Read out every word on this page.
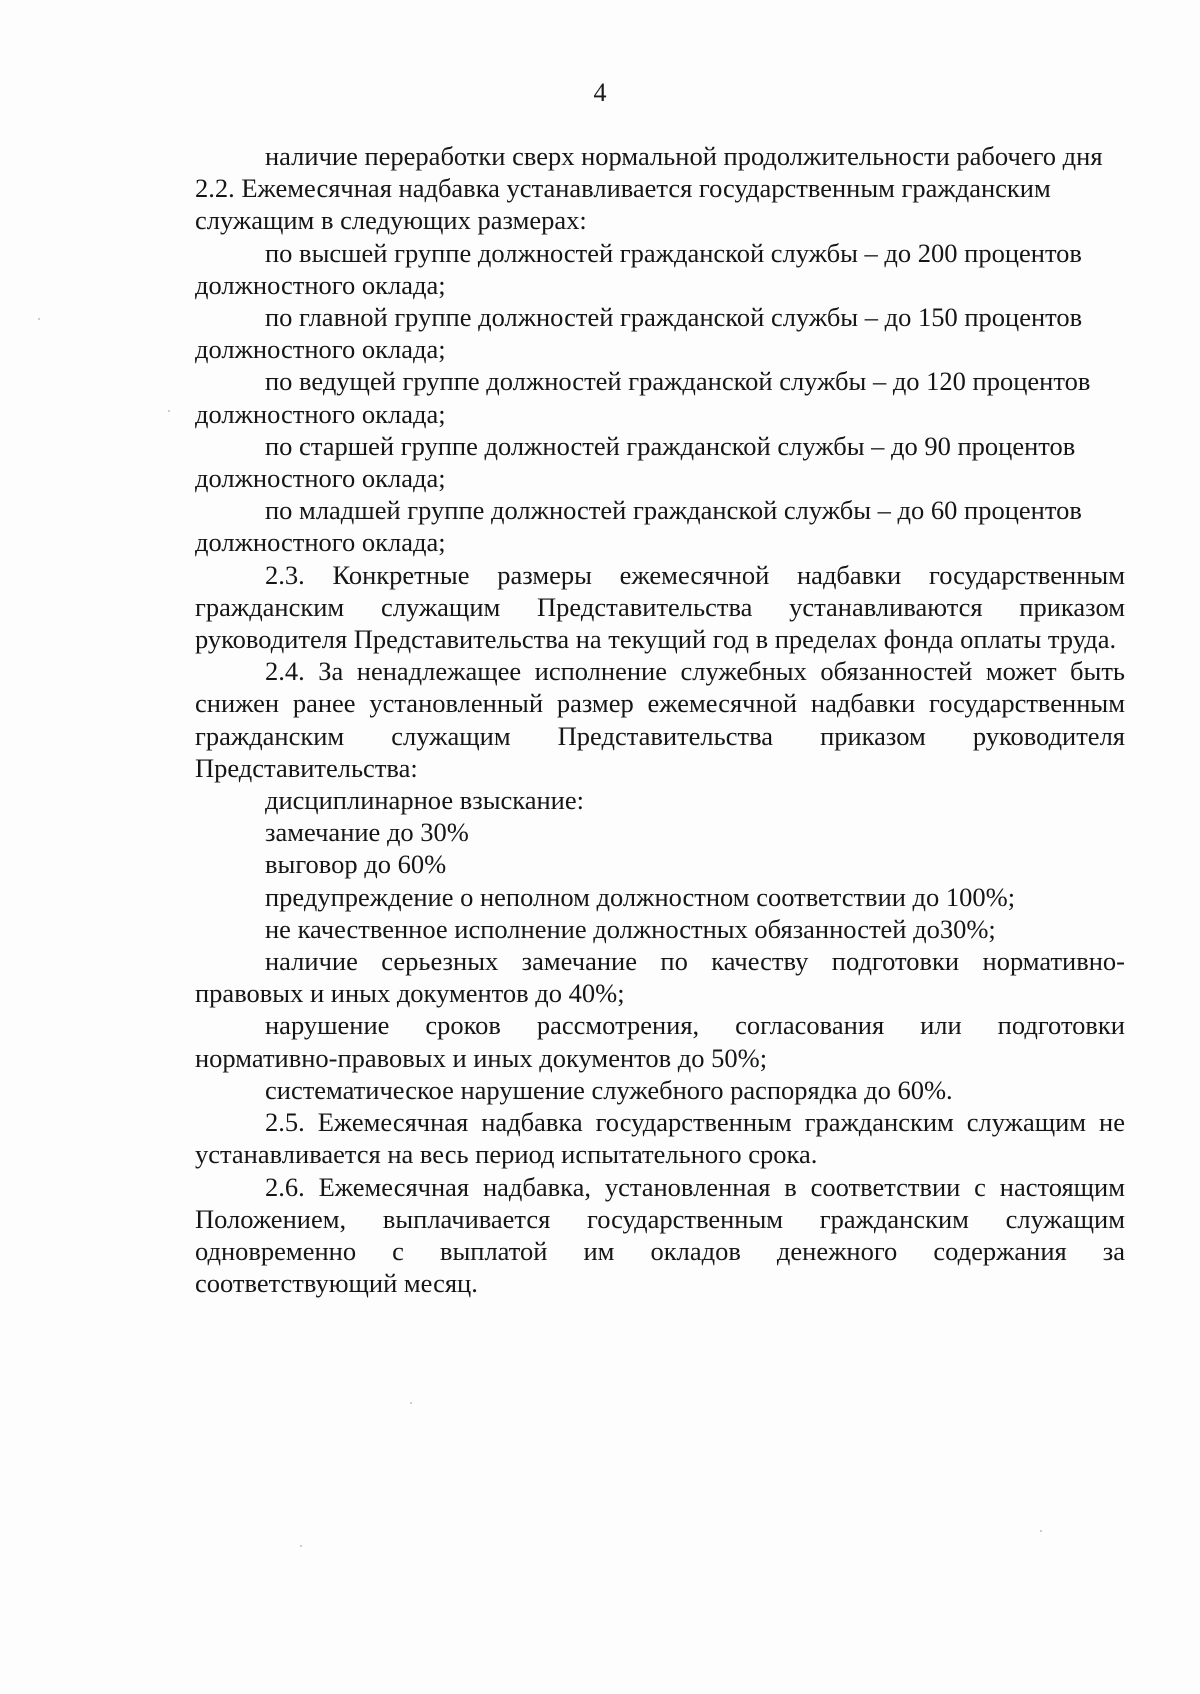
4

наличие переработки сверх нормальной продолжительности рабочего дня 2.2. Ежемесячная надбавка устанавливается государственным гражданским служащим в следующих размерах:

по высшей группе должностей гражданской службы – до 200 процентов должностного оклада;

по главной группе должностей гражданской службы – до 150 процентов должностного оклада;

по ведущей группе должностей гражданской службы – до 120 процентов должностного оклада;

по старшей группе должностей гражданской службы – до 90 процентов должностного оклада;

по младшей группе должностей гражданской службы – до 60 процентов должностного оклада;

2.3. Конкретные размеры ежемесячной надбавки государственным гражданским служащим Представительства устанавливаются приказом руководителя Представительства на текущий год в пределах фонда оплаты труда.

2.4. За ненадлежащее исполнение служебных обязанностей может быть снижен ранее установленный размер ежемесячной надбавки государственным гражданским служащим Представительства приказом руководителя Представительства:

дисциплинарное взыскание:

замечание до 30%

выговор до 60%

предупреждение о неполном должностном соответствии до 100%;

не качественное исполнение должностных обязанностей до30%;

наличие серьезных замечание по качеству подготовки нормативно-правовых и иных документов до 40%;

нарушение сроков рассмотрения, согласования или подготовки нормативно-правовых и иных документов до 50%;

систематическое нарушение служебного распорядка до 60%.

2.5. Ежемесячная надбавка государственным гражданским служащим не устанавливается на весь период испытательного срока.

2.6. Ежемесячная надбавка, установленная в соответствии с настоящим Положением, выплачивается государственным гражданским служащим одновременно с выплатой им окладов денежного содержания за соответствующий месяц.
